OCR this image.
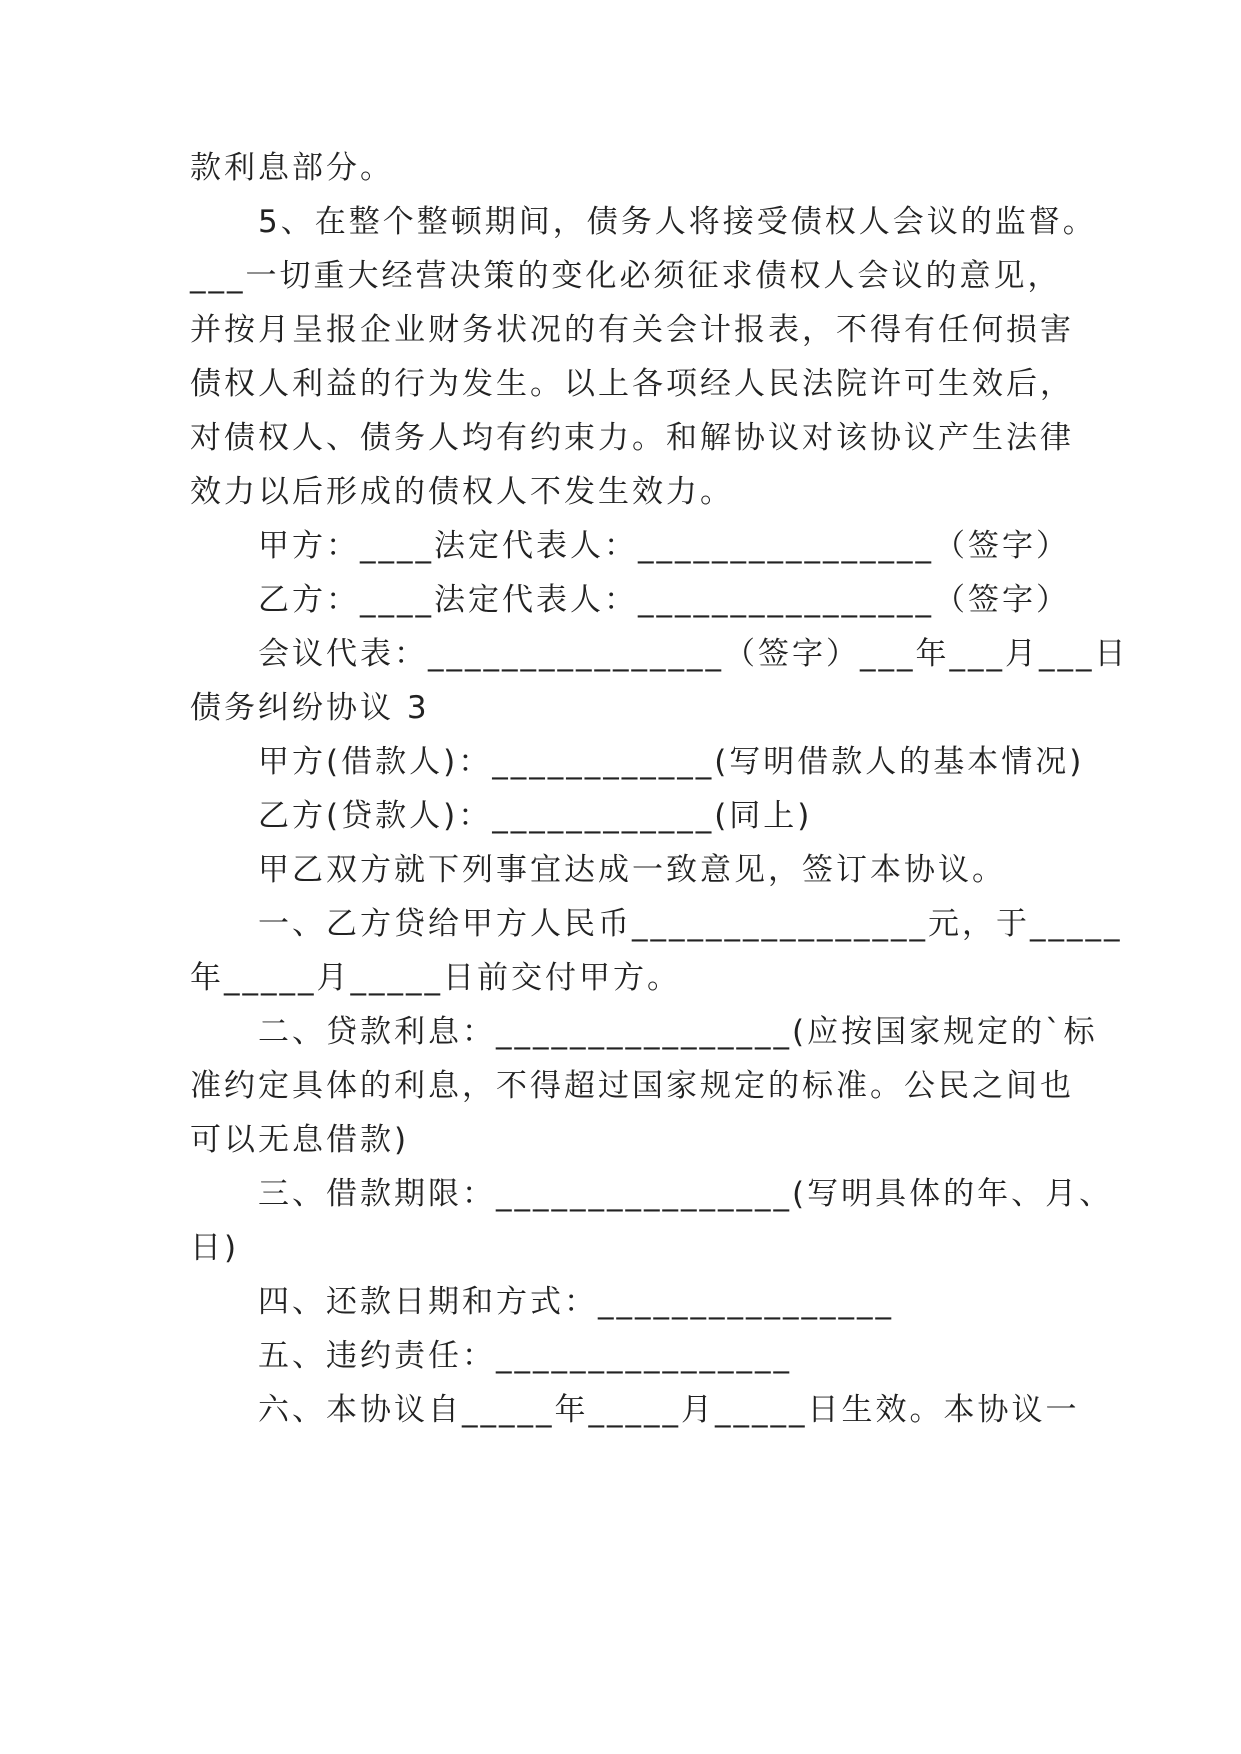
款利息部分。
5、在整个整顿期间，债务人将接受债权人会议的监督。
___一切重大经营决策的变化必须征求债权人会议的意见，
并按月呈报企业财务状况的有关会计报表，不得有任何损害
债权人利益的行为发生。以上各项经人民法院许可生效后，
对债权人、债务人均有约束力。和解协议对该协议产生法律
效力以后形成的债权人不发生效力。
甲方：____法定代表人：________________（签字）
乙方：____法定代表人：________________（签字）
会议代表：________________（签字）___年___月___日
债务纠纷协议 3
甲方(借款人)：____________(写明借款人的基本情况)
乙方(贷款人)：____________(同上)
甲乙双方就下列事宜达成一致意见，签订本协议。
一、乙方贷给甲方人民币________________元，于_____
年_____月_____日前交付甲方。
二、贷款利息：________________(应按国家规定的`标
准约定具体的利息，不得超过国家规定的标准。公民之间也
可以无息借款)
三、借款期限：________________(写明具体的年、月、
日)
四、还款日期和方式：________________
五、违约责任：________________
六、本协议自_____年_____月_____日生效。本协议一
